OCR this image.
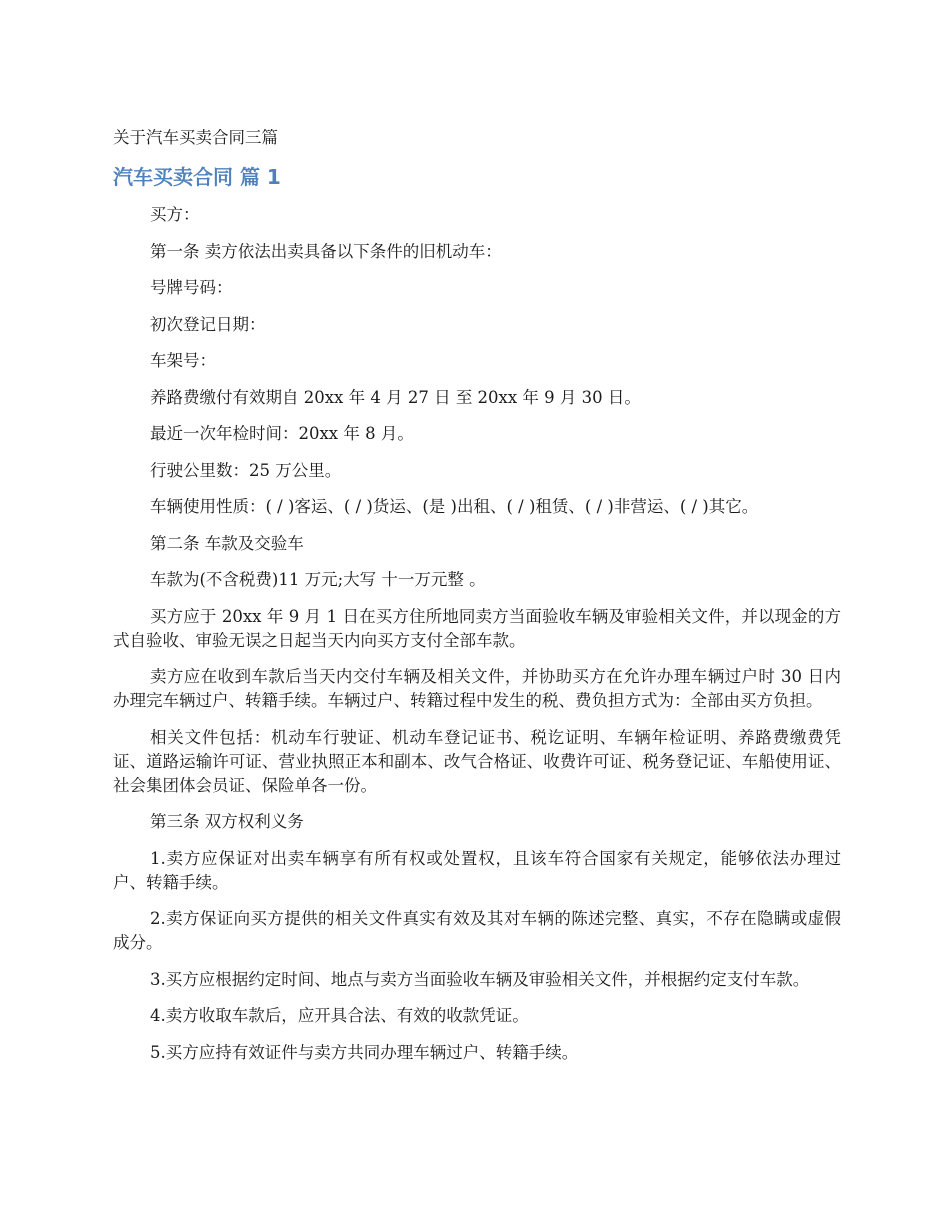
关于汽车买卖合同三篇

汽车买卖合同 篇 1

买方：

第一条 卖方依法出卖具备以下条件的旧机动车：

号牌号码：

初次登记日期：

车架号：

养路费缴付有效期自 20xx 年 4 月 27 日 至 20xx 年 9 月 30 日。

最近一次年检时间：20xx 年 8 月。

行驶公里数：25 万公里。

车辆使用性质：( / )客运、( / )货运、(是 )出租、( / )租赁、( / )非营运、( / )其它。

第二条 车款及交验车

车款为(不含税费)11 万元;大写 十一万元整 。

买方应于 20xx 年 9 月 1 日在买方住所地同卖方当面验收车辆及审验相关文件，并以现金的方式自验收、审验无误之日起当天内向买方支付全部车款。

卖方应在收到车款后当天内交付车辆及相关文件，并协助买方在允许办理车辆过户时 30 日内办理完车辆过户、转籍手续。车辆过户、转籍过程中发生的税、费负担方式为：全部由买方负担。

相关文件包括：机动车行驶证、机动车登记证书、税讫证明、车辆年检证明、养路费缴费凭证、道路运输许可证、营业执照正本和副本、改气合格证、收费许可证、税务登记证、车船使用证、社会集团体会员证、保险单各一份。

第三条 双方权利义务

1.卖方应保证对出卖车辆享有所有权或处置权，且该车符合国家有关规定，能够依法办理过户、转籍手续。

2.卖方保证向买方提供的相关文件真实有效及其对车辆的陈述完整、真实，不存在隐瞒或虚假成分。

3.买方应根据约定时间、地点与卖方当面验收车辆及审验相关文件，并根据约定支付车款。

4.卖方收取车款后，应开具合法、有效的收款凭证。

5.买方应持有效证件与卖方共同办理车辆过户、转籍手续。
